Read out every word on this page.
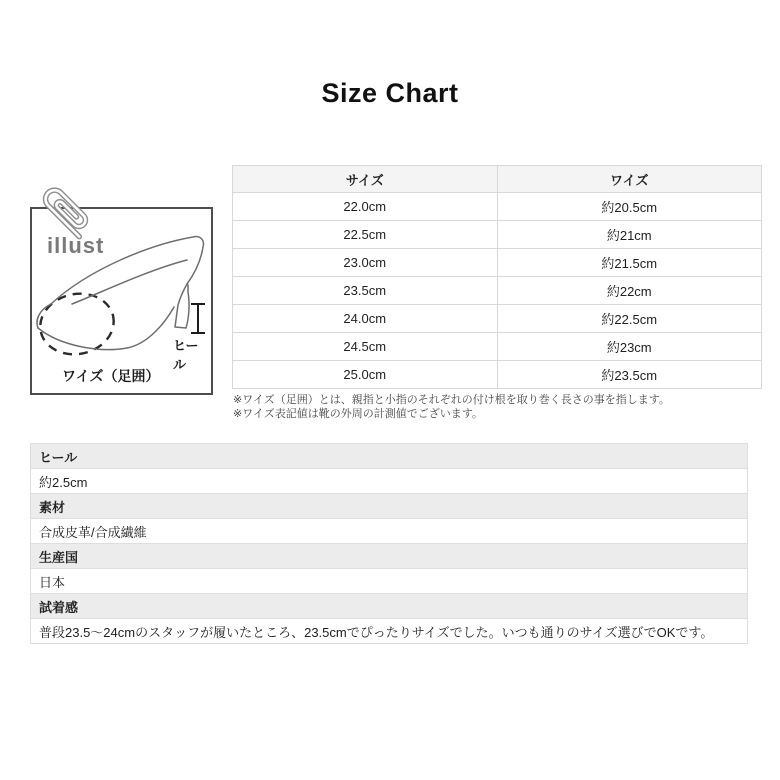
Size Chart
サイズ	ワイズ
22.0cm	約20.5cm
22.5cm	約21cm
23.0cm	約21.5cm
23.5cm	約22cm
24.0cm	約22.5cm
24.5cm	約23cm
25.0cm	約23.5cm
※ワイズ（足囲）とは、親指と小指のそれぞれの付け根を取り巻く長さの事を指します。
※ワイズ表記値は靴の外周の計測値でございます。
illust
ヒール
ワイズ（足囲）
ヒール
約2.5cm
素材
合成皮革/合成繊維
生産国
日本
試着感
普段23.5～24cmのスタッフが履いたところ、23.5cmでぴったりサイズでした。いつも通りのサイズ選びでOKです。
